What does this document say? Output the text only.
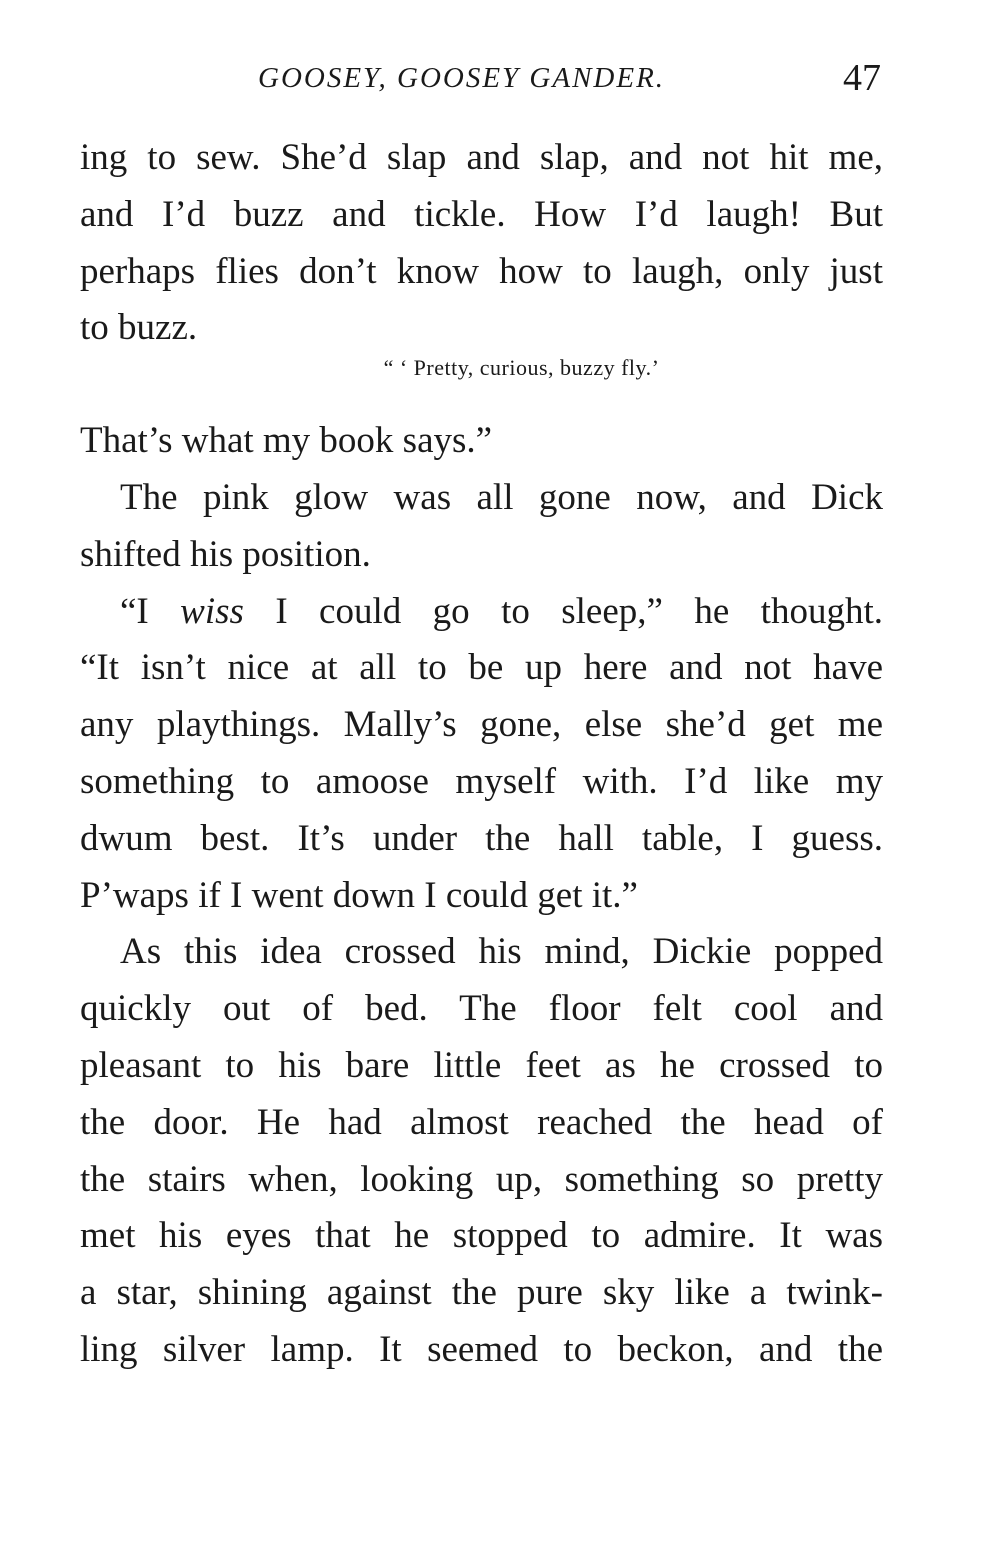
GOOSEY, GOOSEY GANDER.	47
ing to sew. She’d slap and slap, and not hit me,
and I’d buzz and tickle. How I’d laugh! But
perhaps flies don’t know how to laugh, only just
to buzz.
“ ‘ Pretty, curious, buzzy fly.’
That’s what my book says.”
The pink glow was all gone now, and Dick
shifted his position.
“I wiss I could go to sleep,” he thought.
“It isn’t nice at all to be up here and not have
any playthings. Mally’s gone, else she’d get me
something to amoose myself with. I’d like my
dwum best. It’s under the hall table, I guess.
P’waps if I went down I could get it.”
As this idea crossed his mind, Dickie popped
quickly out of bed. The floor felt cool and
pleasant to his bare little feet as he crossed to
the door. He had almost reached the head of
the stairs when, looking up, something so pretty
met his eyes that he stopped to admire. It was
a star, shining against the pure sky like a twink-
ling silver lamp. It seemed to beckon, and the
